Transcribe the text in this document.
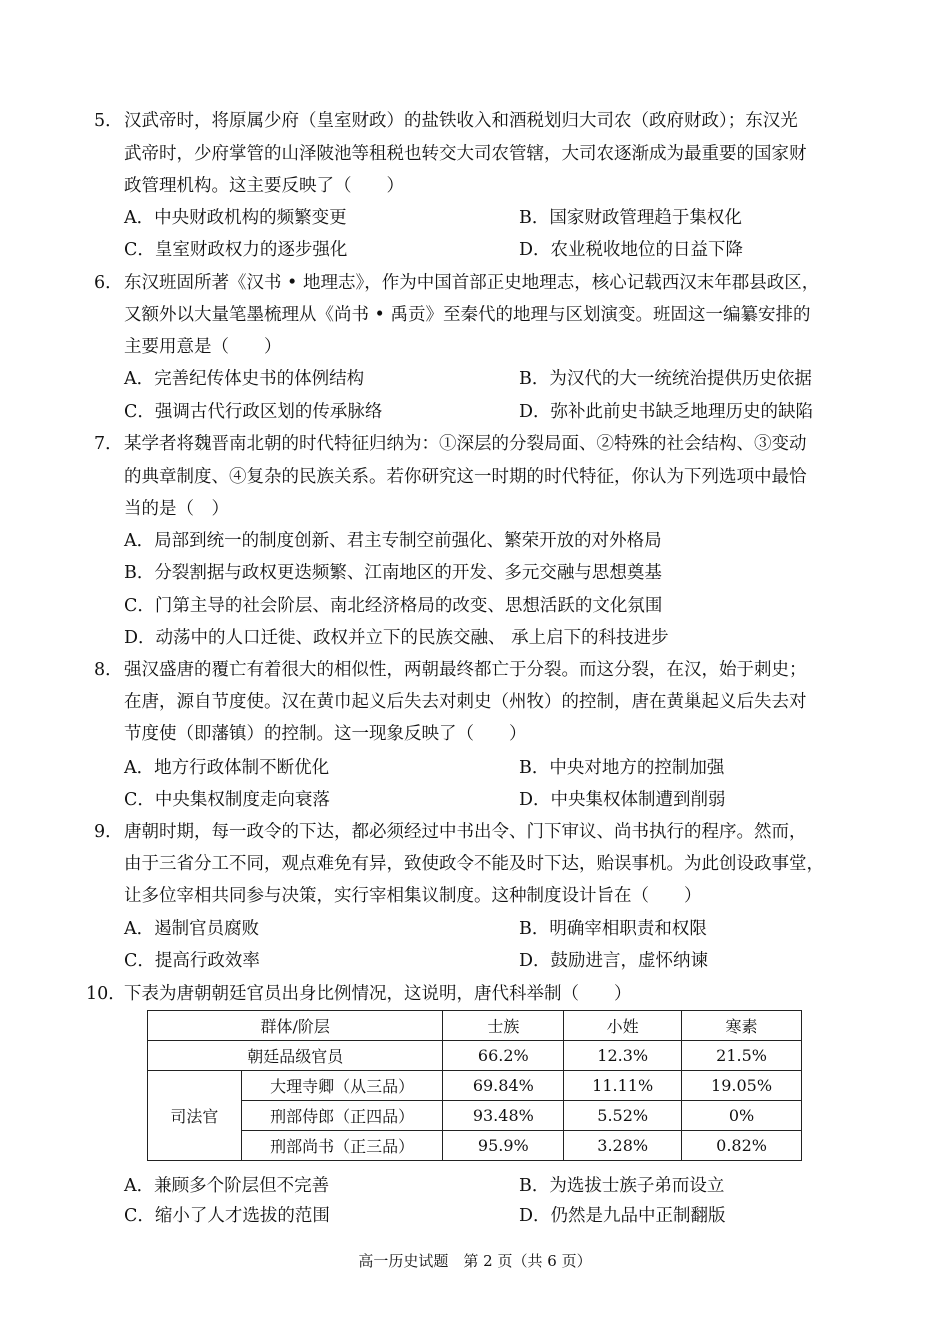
5． 汉武帝时，将原属少府（皇室财政）的盐铁收入和酒税划归大司农（政府财政）；东汉光
武帝时，少府掌管的山泽陂池等租税也转交大司农管辖，大司农逐渐成为最重要的国家财
政管理机构。这主要反映了（　　）
A．中央财政机构的频繁变更	B．国家财政管理趋于集权化
C．皇室财政权力的逐步强化	D．农业税收地位的日益下降
6． 东汉班固所著《汉书 • 地理志》，作为中国首部正史地理志，核心记载西汉末年郡县政区，
又额外以大量笔墨梳理从《尚书 • 禹贡》至秦代的地理与区划演变。班固这一编纂安排的
主要用意是（　　）
A．完善纪传体史书的体例结构	B．为汉代的大一统统治提供历史依据
C．强调古代行政区划的传承脉络	D．弥补此前史书缺乏地理历史的缺陷
7． 某学者将魏晋南北朝的时代特征归纳为：①深层的分裂局面、②特殊的社会结构、③变动
的典章制度、④复杂的民族关系。若你研究这一时期的时代特征，你认为下列选项中最恰
当的是（　）
A．局部到统一的制度创新、君主专制空前强化、繁荣开放的对外格局
B．分裂割据与政权更迭频繁、江南地区的开发、多元交融与思想奠基
C．门第主导的社会阶层、南北经济格局的改变、思想活跃的文化氛围
D．动荡中的人口迁徙、政权并立下的民族交融、 承上启下的科技进步
8． 强汉盛唐的覆亡有着很大的相似性，两朝最终都亡于分裂。而这分裂，在汉，始于刺史；
在唐，源自节度使。汉在黄巾起义后失去对刺史（州牧）的控制，唐在黄巢起义后失去对
节度使（即藩镇）的控制。这一现象反映了（　　）
A．地方行政体制不断优化	B．中央对地方的控制加强
C．中央集权制度走向衰落	D．中央集权体制遭到削弱
9． 唐朝时期，每一政令的下达，都必须经过中书出令、门下审议、尚书执行的程序。然而，
由于三省分工不同，观点难免有异，致使政令不能及时下达，贻误事机。为此创设政事堂，
让多位宰相共同参与决策，实行宰相集议制度。这种制度设计旨在（　　）
A．遏制官员腐败	B．明确宰相职责和权限
C．提高行政效率	D．鼓励进言，虚怀纳谏
10．
下表为唐朝朝廷官员出身比例情况，这说明，唐代科举制（　　）
群体/阶层		士族	小姓	寒素
朝廷品级官员		66.2%	12.3%	21.5%
司法官	大理寺卿（从三品）	69.84%	11.11%	19.05%
	刑部侍郎（正四品）	93.48%	5.52%	0%
	刑部尚书（正三品）	95.9%	3.28%	0.82%
A．兼顾多个阶层但不完善	B．为选拔士族子弟而设立
C．缩小了人才选拔的范围	D．仍然是九品中正制翻版
高一历史试题　第 2 页（共 6 页）
